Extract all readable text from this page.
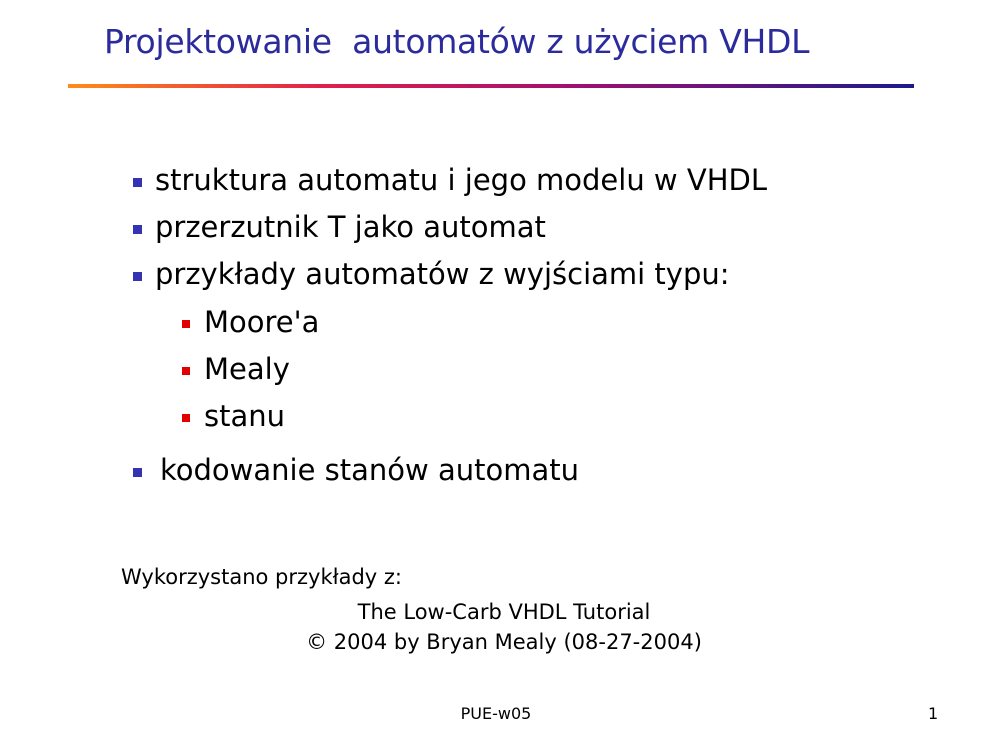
Projektowanie  automatów z użyciem VHDL
struktura automatu i jego modelu w VHDL
przerzutnik T jako automat
przykłady automatów z wyjściami typu:
Moore'a
Mealy
stanu
kodowanie stanów automatu
Wykorzystano przykłady z:
The Low-Carb VHDL Tutorial
© 2004 by Bryan Mealy (08-27-2004)
PUE-w05	1
